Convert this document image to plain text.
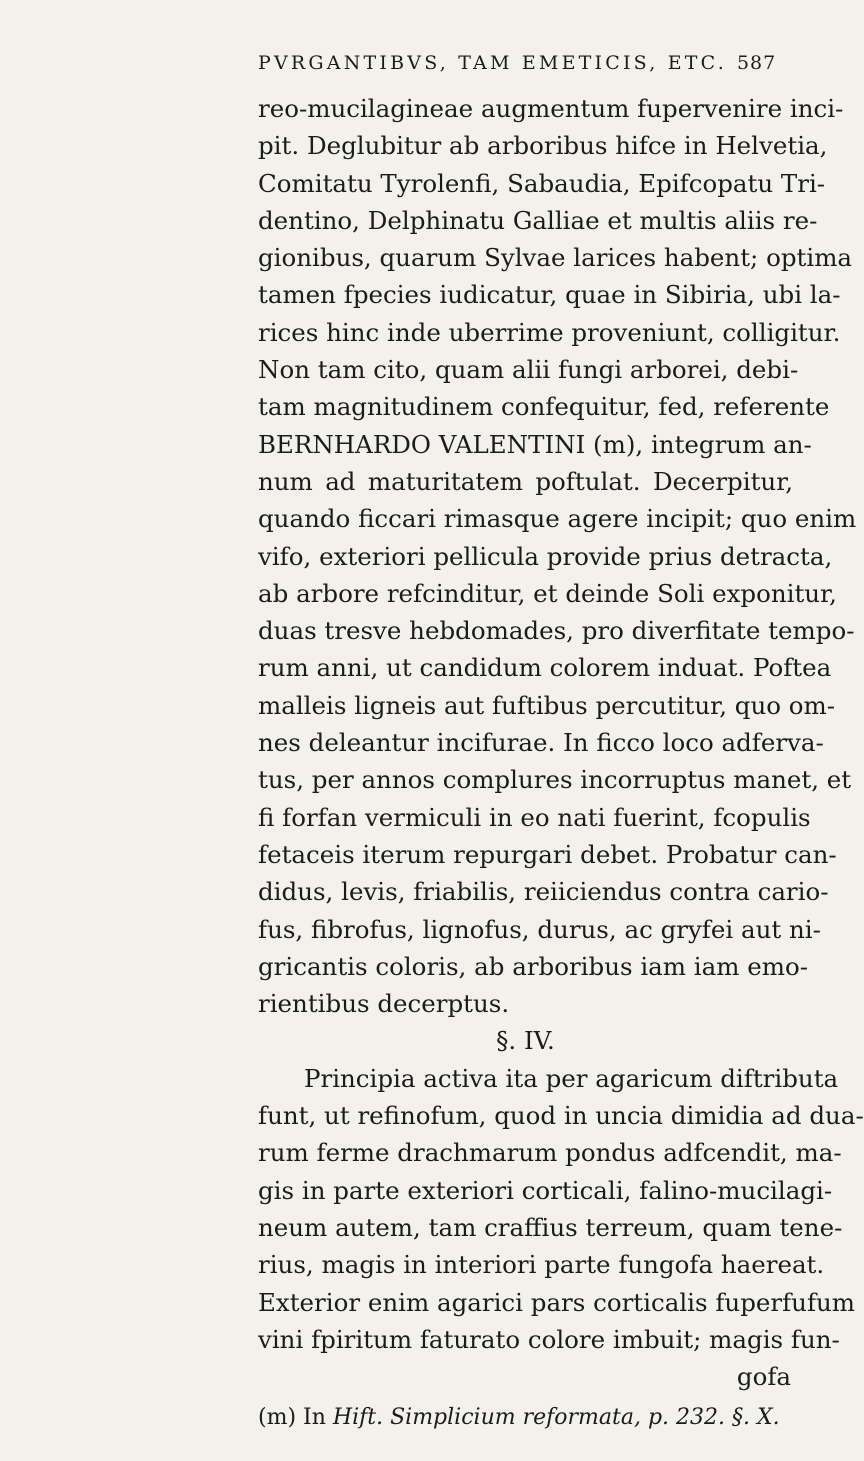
PVRGANTIBVS, TAM EMETICIS, ETC. 587
reo-mucilagineae augmentum fupervenire inci-
pit. Deglubitur ab arboribus hifce in Helvetia,
Comitatu Tyrolenfi, Sabaudia, Epifcopatu Tri-
dentino, Delphinatu Galliae et multis aliis re-
gionibus, quarum Sylvae larices habent; optima
tamen fpecies iudicatur, quae in Sibiria, ubi la-
rices hinc inde uberrime proveniunt, colligitur.
Non tam cito, quam alii fungi arborei, debi-
tam magnitudinem confequitur, fed, referente
BERNHARDO VALENTINI (m), integrum an-
num ad maturitatem poftulat. Decerpitur,
quando ficcari rimasque agere incipit; quo enim
vifo, exteriori pellicula provide prius detracta,
ab arbore refcinditur, et deinde Soli exponitur,
duas tresve hebdomades, pro diverfitate tempo-
rum anni, ut candidum colorem induat. Poftea
malleis ligneis aut fuftibus percutitur, quo om-
nes deleantur incifurae. In ficco loco adferva-
tus, per annos complures incorruptus manet, et
fi forfan vermiculi in eo nati fuerint, fcopulis
fetaceis iterum repurgari debet. Probatur can-
didus, levis, friabilis, reiiciendus contra cario-
fus, fibrofus, lignofus, durus, ac gryfei aut ni-
gricantis coloris, ab arboribus iam iam emo-
rientibus decerptus.
§. IV.
Principia activa ita per agaricum diftributa
funt, ut refinofum, quod in uncia dimidia ad dua-
rum ferme drachmarum pondus adfcendit, ma-
gis in parte exteriori corticali, falino-mucilagi-
neum autem, tam craffius terreum, quam tene-
rius, magis in interiori parte fungofa haereat.
Exterior enim agarici pars corticalis fuperfufum
vini fpiritum faturato colore imbuit; magis fun-
gofa
(m) In Hift. Simplicium reformata, p. 232. §. X.
